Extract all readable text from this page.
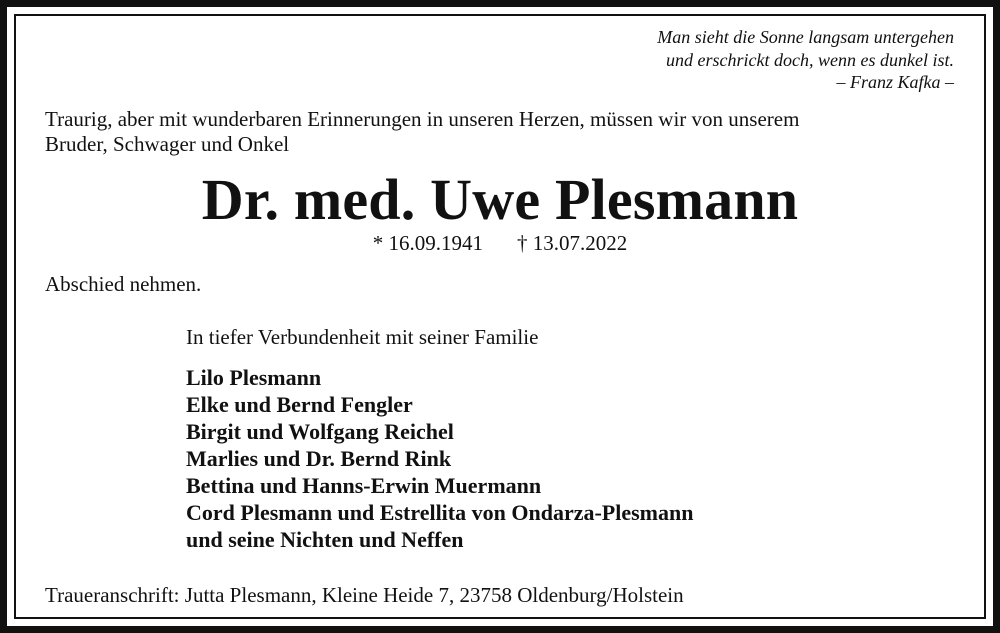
Man sieht die Sonne langsam untergehen
und erschrickt doch, wenn es dunkel ist.
– Franz Kafka –
Traurig, aber mit wunderbaren Erinnerungen in unseren Herzen, müssen wir von unserem
Bruder, Schwager und Onkel
Dr. med. Uwe Plesmann
* 16.09.1941 † 13.07.2022
Abschied nehmen.
In tiefer Verbundenheit mit seiner Familie
Lilo Plesmann
Elke und Bernd Fengler
Birgit und Wolfgang Reichel
Marlies und Dr. Bernd Rink
Bettina und Hanns-Erwin Muermann
Cord Plesmann und Estrellita von Ondarza-Plesmann
und seine Nichten und Neffen
Traueranschrift: Jutta Plesmann, Kleine Heide 7, 23758 Oldenburg/Holstein
